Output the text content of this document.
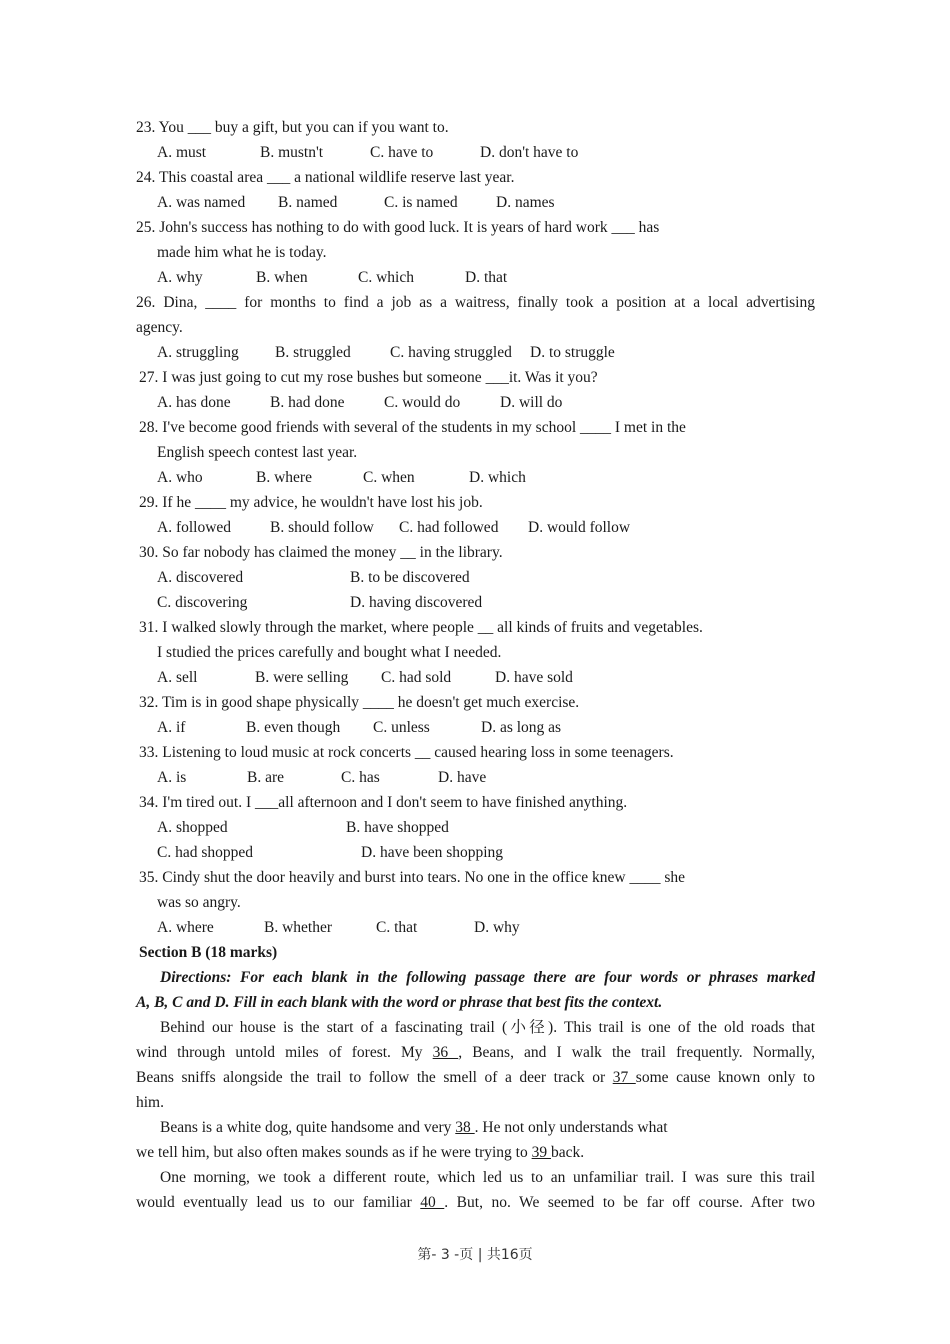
23. You ___ buy a gift, but you can if you want to.
A. must	B. mustn't	C. have to	D. don't have to
24. This coastal area ___ a national wildlife reserve last year.
A. was named B. named	C. is named D. names
25. John's success has nothing to do with good luck. It is years of hard work ___ has
made him what he is today.
A. why	B. when	C. which	D. that
26. Dina, ____ for months to find a job as a waitress, finally took a position at a local advertising
agency.
A. struggling B. struggled	C. having struggled D. to struggle
27. I was just going to cut my rose bushes but someone ___it. Was it you?
A. has done	B. had done	C. would do	D. will do
28. I've become good friends with several of the students in my school ____ I met in the
English speech contest last year.
A. who	B. where	C. when	D. which
29. If he ____ my advice, he wouldn't have lost his job.
A. followed	B. should follow C. had followed D. would follow
30. So far nobody has claimed the money __ in the library.
A. discovered	B. to be discovered
C. discovering	D. having discovered
31. I walked slowly through the market, where people __ all kinds of fruits and vegetables.
I studied the prices carefully and bought what I needed.
A. sell	B. were selling C. had sold	D. have sold
32. Tim is in good shape physically ____ he doesn't get much exercise.
A. if	B. even though C. unless	D. as long as
33. Listening to loud music at rock concerts __ caused hearing loss in some teenagers.
A. is	B. are	C. has	D. have
34. I'm tired out. I ___all afternoon and I don't seem to have finished anything.
A. shopped	B. have shopped
C. had shopped	D. have been shopping
35. Cindy shut the door heavily and burst into tears. No one in the office knew ____ she
was so angry.
A. where	B. whether	C. that	D. why
Section B (18 marks)
Directions: For each blank in the following passage there are four words or phrases marked
A, B, C and D. Fill in each blank with the word or phrase that best fits the context.
Behind our house is the start of a fascinating trail (小径). This trail is one of the old roads that
wind through untold miles of forest. My 36 , Beans, and I walk the trail frequently. Normally,
Beans sniffs alongside the trail to follow the smell of a deer track or 37 some cause known only to
him.
Beans is a white dog, quite handsome and very 38 . He not only understands what
we tell him, but also often makes sounds as if he were trying to 39 back.
One morning, we took a different route, which led us to an unfamiliar trail. I was sure this trail
would eventually lead us to our familiar 40 . But, no. We seemed to be far off course. After two
第- 3 -页 | 共16页
